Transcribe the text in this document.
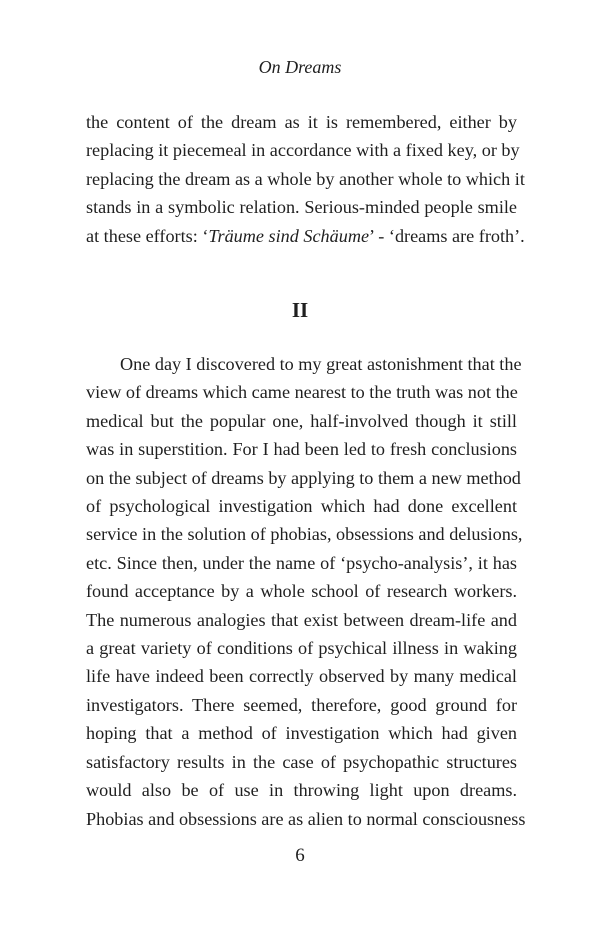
On Dreams
the content of the dream as it is remembered, either by
replacing it piecemeal in accordance with a fixed key, or by
replacing the dream as a whole by another whole to which it
stands in a symbolic relation. Serious-minded people smile
at these efforts: ‘Träume sind Schäume’ - ‘dreams are froth’.
II
One day I discovered to my great astonishment that the
view of dreams which came nearest to the truth was not the
medical but the popular one, half-involved though it still
was in superstition. For I had been led to fresh conclusions
on the subject of dreams by applying to them a new method
of psychological investigation which had done excellent
service in the solution of phobias, obsessions and delusions,
etc. Since then, under the name of ‘psycho-analysis’, it has
found acceptance by a whole school of research workers.
The numerous analogies that exist between dream-life and
a great variety of conditions of psychical illness in waking
life have indeed been correctly observed by many medical
investigators. There seemed, therefore, good ground for
hoping that a method of investigation which had given
satisfactory results in the case of psychopathic structures
would also be of use in throwing light upon dreams.
Phobias and obsessions are as alien to normal consciousness
6
